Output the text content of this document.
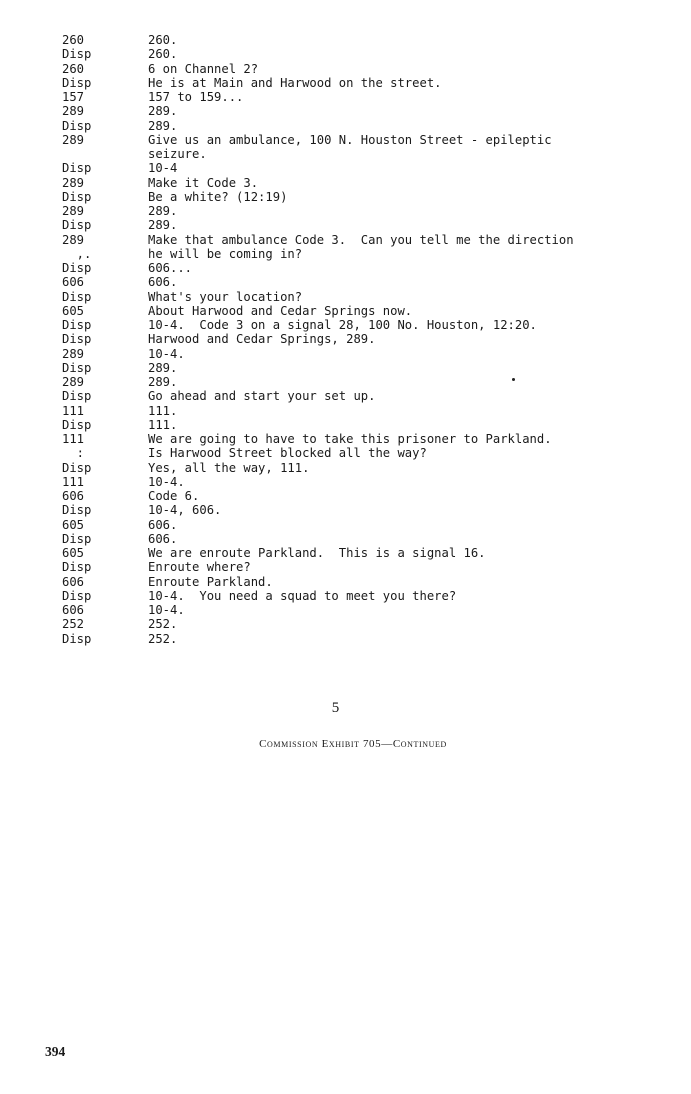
260	260.
Disp	260.
260	6 on Channel 2?
Disp	He is at Main and Harwood on the street.
157	157 to 159...
289	289.
Disp	289.
289	Give us an ambulance, 100 N. Houston Street - epileptic
seizure.
Disp	10-4
289	Make it Code 3.
Disp	Be a white? (12:19)
289	289.
Disp	289.
289	Make that ambulance Code 3.  Can you tell me the direction
,.	he will be coming in?
Disp	606...
606	606.
Disp	What's your location?
605	About Harwood and Cedar Springs now.
Disp	10-4.  Code 3 on a signal 28, 100 No. Houston, 12:20.
Disp	Harwood and Cedar Springs, 289.
289	10-4.
Disp	289.
289	289.
Disp	Go ahead and start your set up.
111	111.
Disp	111.
111	We are going to have to take this prisoner to Parkland.
:	Is Harwood Street blocked all the way?
Disp	Yes, all the way, 111.
111	10-4.
606	Code 6.
Disp	10-4, 606.
605	606.
Disp	606.
605	We are enroute Parkland.  This is a signal 16.
Disp	Enroute where?
606	Enroute Parkland.
Disp	10-4.  You need a squad to meet you there?
606	10-4.
252	252.
Disp	252.
5
Commission Exhibit 705—Continued
394
